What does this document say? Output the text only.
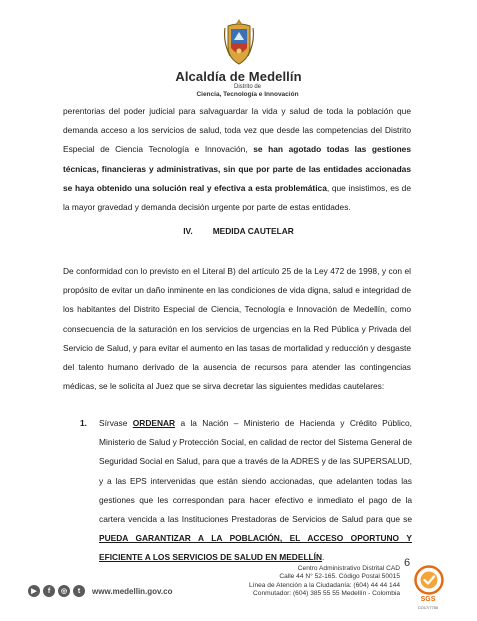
Alcaldía de Medellín
Distrito de
Ciencia, Tecnología e Innovación
perentorias del poder judicial para salvaguardar la vida y salud de toda la población que demanda acceso a los servicios de salud, toda vez que desde las competencias del Distrito Especial de Ciencia Tecnología e Innovación, se han agotado todas las gestiones técnicas, financieras y administrativas, sin que por parte de las entidades accionadas se haya obtenido una solución real y efectiva a esta problemática, que insistimos, es de la mayor gravedad y demanda decisión urgente por parte de estas entidades.
IV. MEDIDA CAUTELAR
De conformidad con lo previsto en el Literal B) del artículo 25 de la Ley 472 de 1998, y con el propósito de evitar un daño inminente en las condiciones de vida digna, salud e integridad de los habitantes del Distrito Especial de Ciencia, Tecnología e Innovación de Medellín, como consecuencia de la saturación en los servicios de urgencias en la Red Pública y Privada del Servicio de Salud, y para evitar el aumento en las tasas de mortalidad y reducción y desgaste del talento humano derivado de la ausencia de recursos para atender las contingencias médicas, se le solicita al Juez que se sirva decretar las siguientes medidas cautelares:
1. Sírvase ORDENAR a la Nación – Ministerio de Hacienda y Crédito Público, Ministerio de Salud y Protección Social, en calidad de rector del Sistema General de Seguridad Social en Salud, para que a través de la ADRES y de las SUPERSALUD, y a las EPS intervenidas que están siendo accionadas, que adelanten todas las gestiones que les correspondan para hacer efectivo e inmediato el pago de la cartera vencida a las Instituciones Prestadoras de Servicios de Salud para que se PUEDA GARANTIZAR A LA POBLACIÓN, EL ACCESO OPORTUNO Y EFICIENTE A LOS SERVICIOS DE SALUD EN MEDELLÍN.
▶	f	◎	t	www.medellin.gov.co
Centro Administrativo Distrital CAD
Calle 44 N° 52-165. Código Postal 50015
Línea de Atención a la Ciudadanía: (604) 44 44 144
Conmutador: (604) 385 55 55 Medellín - Colombia
6
SGS
CO17/7750
